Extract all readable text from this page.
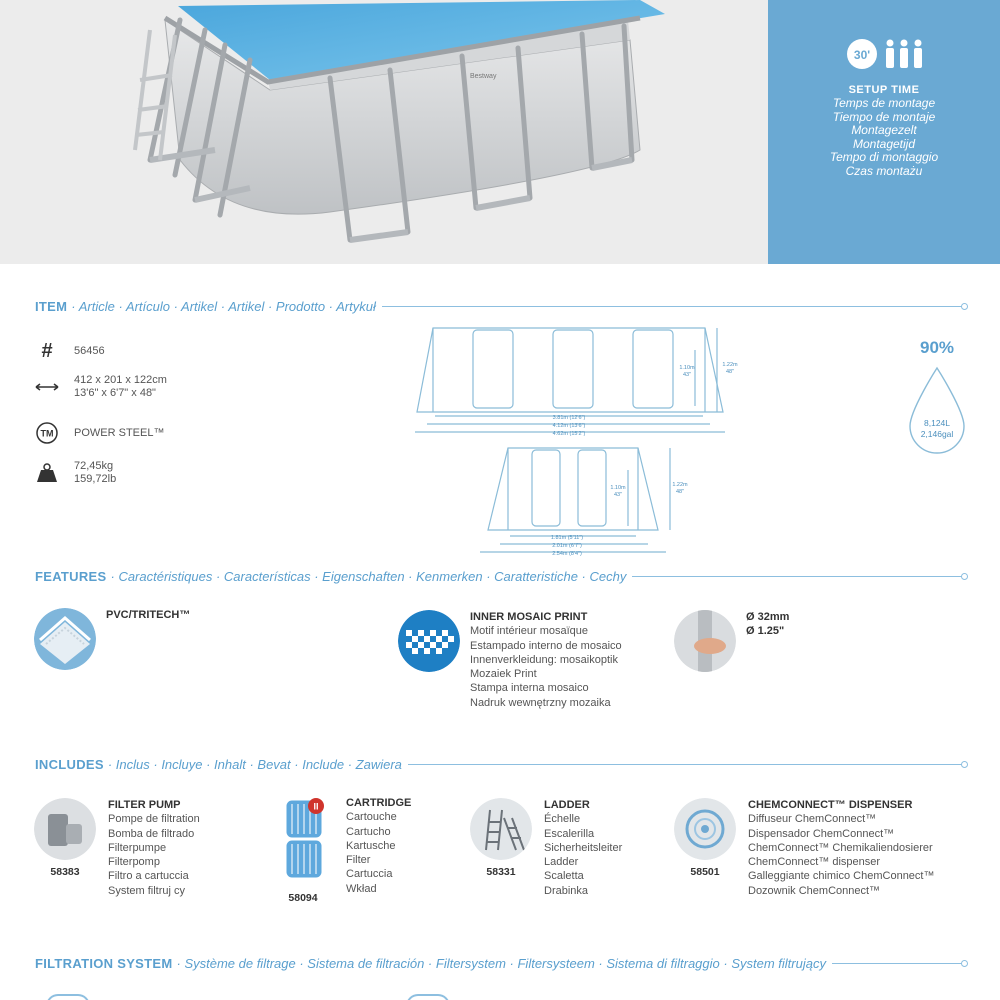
Bestway
30'
SETUP TIME
Temps de montage
Tiempo de montaje
Montagezelt
Montagetijd
Tempo di montaggio
Czas montażu
ITEM · Article · Artículo · Artikel · Artikel · Prodotto · Artykuł
# 56456
412 x 201 x 122cm
13'6" x 6'7" x 48"
TM POWER STEEL™
72,45kg
159,72lb
1.10m
43"
1.22m
48"
3.81m (12'6")
4.12m (13'6")
4.62m (15'2")
1.10m
43"
1.22m
48"
1.81m (5'11")
2.01m (6'7")
2.54m (8'4")
90%
8,124L
2,146gal
FEATURES · Caractéristiques · Características · Eigenschaften · Kenmerken · Caratteristiche · Cechy
PVC/TRITECH™	INNER MOSAIC PRINT
Motif intérieur mosaïque
Estampado interno de mosaico
Innenverkleidung: mosaikoptik
Mozaiek Print
Stampa interna mosaico
Nadruk wewnętrzny mozaika
Ø 32mm
Ø 1.25"
INCLUDES · Inclus · Incluye · Inhalt · Bevat · Include · Zawiera
58383
FILTER PUMP
Pompe de filtration
Bomba de filtrado
Filterpumpe
Filterpomp
Filtro a cartuccia
System filtruj cy
II
58094
CARTRIDGE
Cartouche
Cartucho
Kartusche
Filter
Cartuccia
Wkład
58331
LADDER
Échelle
Escalerilla
Sicherheitsleiter
Ladder
Scaletta
Drabinka
58501
CHEMCONNECT™ DISPENSER
Diffuseur ChemConnect™
Dispensador ChemConnect™
ChemConnect™ Chemikaliendosierer
ChemConnect™ dispenser
Galleggiante chimico ChemConnect™
Dozownik ChemConnect™
FILTRATION SYSTEM · Système de filtrage · Sistema de filtración · Filtersystem · Filtersysteem · Sistema di filtraggio · System filtrujący
